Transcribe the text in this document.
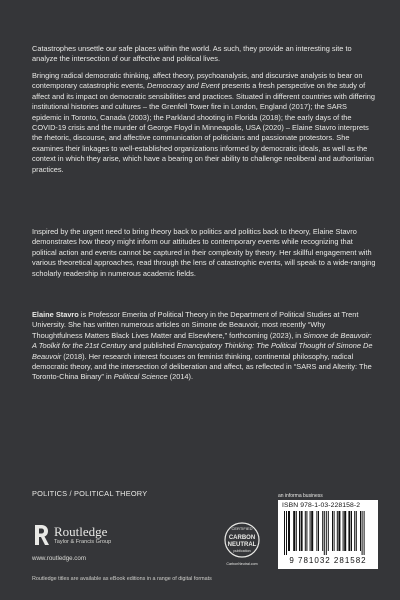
Catastrophes unsettle our safe places within the world. As such, they provide an interesting site to analyze the intersection of our affective and political lives.

Bringing radical democratic thinking, affect theory, psychoanalysis, and discursive analysis to bear on contemporary catastrophic events, Democracy and Event presents a fresh perspective on the study of affect and its impact on democratic sensibilities and practices. Situated in different countries with differing institutional histories and cultures – the Grenfell Tower fire in London, England (2017); the SARS epidemic in Toronto, Canada (2003); the Parkland shooting in Florida (2018); the early days of the COVID-19 crisis and the murder of George Floyd in Minneapolis, USA (2020) – Elaine Stavro interprets the rhetoric, discourse, and affective communication of politicians and passionate protestors. She examines their linkages to well-established organizations informed by democratic ideals, as well as the context in which they arise, which have a bearing on their ability to challenge neoliberal and authoritarian practices.

Inspired by the urgent need to bring theory back to politics and politics back to theory, Elaine Stavro demonstrates how theory might inform our attitudes to contemporary events while recognizing that political action and events cannot be captured in their complexity by theory. Her skillful engagement with various theoretical approaches, read through the lens of catastrophic events, will speak to a wide-ranging scholarly readership in numerous academic fields.

Elaine Stavro is Professor Emerita of Political Theory in the Department of Political Studies at Trent University. She has written numerous articles on Simone de Beauvoir, most recently “Why Thoughtfulness Matters Black Lives Matter and Elsewhere,” forthcoming (2023), in Simone de Beauvoir: A Toolkit for the 21st Century and published Emancipatory Thinking: The Political Thought of Simone De Beauvoir (2018). Her research interest focuses on feminist thinking, continental philosophy, radical democratic theory, and the intersection of deliberation and affect, as reflected in “SARS and Alterity: The Toronto-China Binary” in Political Science (2014).

POLITICS / POLITICAL THEORY
Routledge
Taylor & Francis Group
www.routledge.com
Routledge titles are available as eBook editions in a range of digital formats
CERTIFIED
CARBON
NEUTRAL
publication
CarbonNeutral.com
an informa business
ISBN 978-1-03-228158-2
9 781032 281582
